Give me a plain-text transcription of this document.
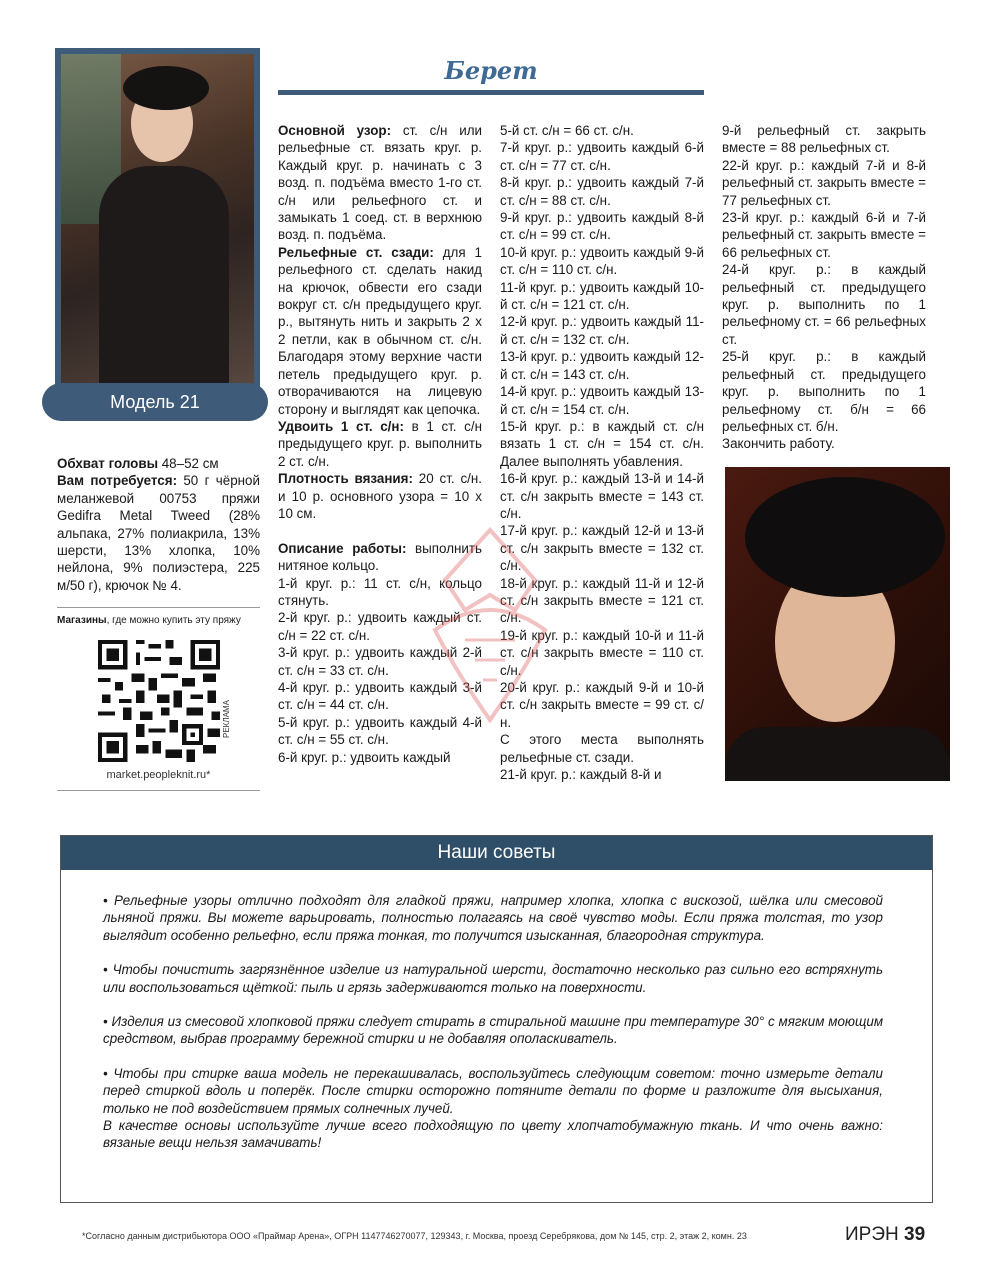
Модель 21
Берет

Обхват головы 48–52 см

Вам потребуется: 50 г чёрной меланжевой 00753 пряжи Gedifra Metal Tweed (28% альпака, 27% полиакрила, 13% шерсти, 13% хлопка, 10% нейлона, 9% полиэстера, 225 м/50 г), крючок № 4.

Магазины, где можно купить эту пряжу
РЕКЛАМА
market.peopleknit.ru*

Основной узор: ст. с/н или рельефные ст. вязать круг. р. Каждый круг. р. начинать с 3 возд. п. подъёма вместо 1-го ст. с/н или рельефного ст. и замыкать 1 соед. ст. в верхнюю возд. п. подъёма.

Рельефные ст. сзади: для 1 рельефного ст. сделать накид на крючок, обвести его сзади вокруг ст. с/н предыдущего круг. р., вытянуть нить и закрыть 2 х 2 петли, как в обычном ст. с/н. Благодаря этому верхние части петель предыдущего круг. р. отворачиваются на лицевую сторону и выглядят как цепочка.

Удвоить 1 ст. с/н: в 1 ст. с/н предыдущего круг. р. выполнить 2 ст. с/н.

Плотность вязания: 20 ст. с/н. и 10 р. основного узора = 10 x 10 см.

Описание работы: выполнить нитяное кольцо.

1-й круг. р.: 11 ст. с/н, кольцо стянуть.

2-й круг. р.: удвоить каждый ст. с/н = 22 ст. с/н.

3-й круг. р.: удвоить каждый 2-й ст. с/н = 33 ст. с/н.

4-й круг. р.: удвоить каждый 3-й ст. с/н = 44 ст. с/н.

5-й круг. р.: удвоить каждый 4-й ст. с/н = 55 ст. с/н.

6-й круг. р.: удвоить каждый

5-й ст. с/н = 66 ст. с/н.

7-й круг. р.: удвоить каждый 6-й ст. с/н = 77 ст. с/н.

8-й круг. р.: удвоить каждый 7-й ст. с/н = 88 ст. с/н.

9-й круг. р.: удвоить каждый 8-й ст. с/н = 99 ст. с/н.

10-й круг. р.: удвоить каждый 9-й ст. с/н = 110 ст. с/н.

11-й круг. р.: удвоить каждый 10-й ст. с/н = 121 ст. с/н.

12-й круг. р.: удвоить каждый 11-й ст. с/н = 132 ст. с/н.

13-й круг. р.: удвоить каждый 12-й ст. с/н = 143 ст. с/н.

14-й круг. р.: удвоить каждый 13-й ст. с/н = 154 ст. с/н.

15-й круг. р.: в каждый ст. с/н вязать 1 ст. с/н = 154 ст. с/н. Далее выполнять убавления.

16-й круг. р.: каждый 13-й и 14-й ст. с/н закрыть вместе = 143 ст. с/н.

17-й круг. р.: каждый 12-й и 13-й ст. с/н закрыть вместе = 132 ст. с/н.

18-й круг. р.: каждый 11-й и 12-й ст. с/н закрыть вместе = 121 ст. с/н.

19-й круг. р.: каждый 10-й и 11-й ст. с/н закрыть вместе = 110 ст. с/н.

20-й круг. р.: каждый 9-й и 10-й ст. с/н закрыть вместе = 99 ст. с/н.

С этого места выполнять рельефные ст. сзади.

21-й круг. р.: каждый 8-й и

9-й рельефный ст. закрыть вместе = 88 рельефных ст.

22-й круг. р.: каждый 7-й и 8-й рельефный ст. закрыть вместе = 77 рельефных ст.

23-й круг. р.: каждый 6-й и 7-й рельефный ст. закрыть вместе = 66 рельефных ст.

24-й круг. р.: в каждый рельефный ст. предыдущего круг. р. выполнить по 1 рельефному ст. = 66 рельефных ст.

25-й круг. р.: в каждый рельефный ст. предыдущего круг. р. выполнить по 1 рельефному ст. б/н = 66 рельефных ст. б/н.

Закончить работу.

Наши советы

• Рельефные узоры отлично подходят для гладкой пряжи, например хлопка, хлопка с вискозой, шёлка или смесовой льняной пряжи. Вы можете варьировать, полностью полагаясь на своё чувство моды. Если пряжа толстая, то узор выглядит особенно рельефно, если пряжа тонкая, то получится изысканная, благородная структура.

• Чтобы почистить загрязнённое изделие из натуральной шерсти, достаточно несколько раз сильно его встряхнуть или воспользоваться щёткой: пыль и грязь задерживаются только на поверхности.

• Изделия из смесовой хлопковой пряжи следует стирать в стиральной машине при температуре 30° с мягким моющим средством, выбрав программу бережной стирки и не добавляя ополаскиватель.

• Чтобы при стирке ваша модель не перекашивалась, воспользуйтесь следующим советом: точно измерьте детали перед стиркой вдоль и поперёк. После стирки осторожно потяните детали по форме и разложите для высыхания, только не под воздействием прямых солнечных лучей.

В качестве основы используйте лучше всего подходящую по цвету хлопчатобумажную ткань. И что очень важно: вязаные вещи нельзя замачивать!

*Согласно данным дистрибьютора ООО «Праймар Арена», ОГРН 1147746270077, 129343, г. Москва, проезд Серебрякова, дом № 145, стр. 2, этаж 2, комн. 23	ИРЭН 39
